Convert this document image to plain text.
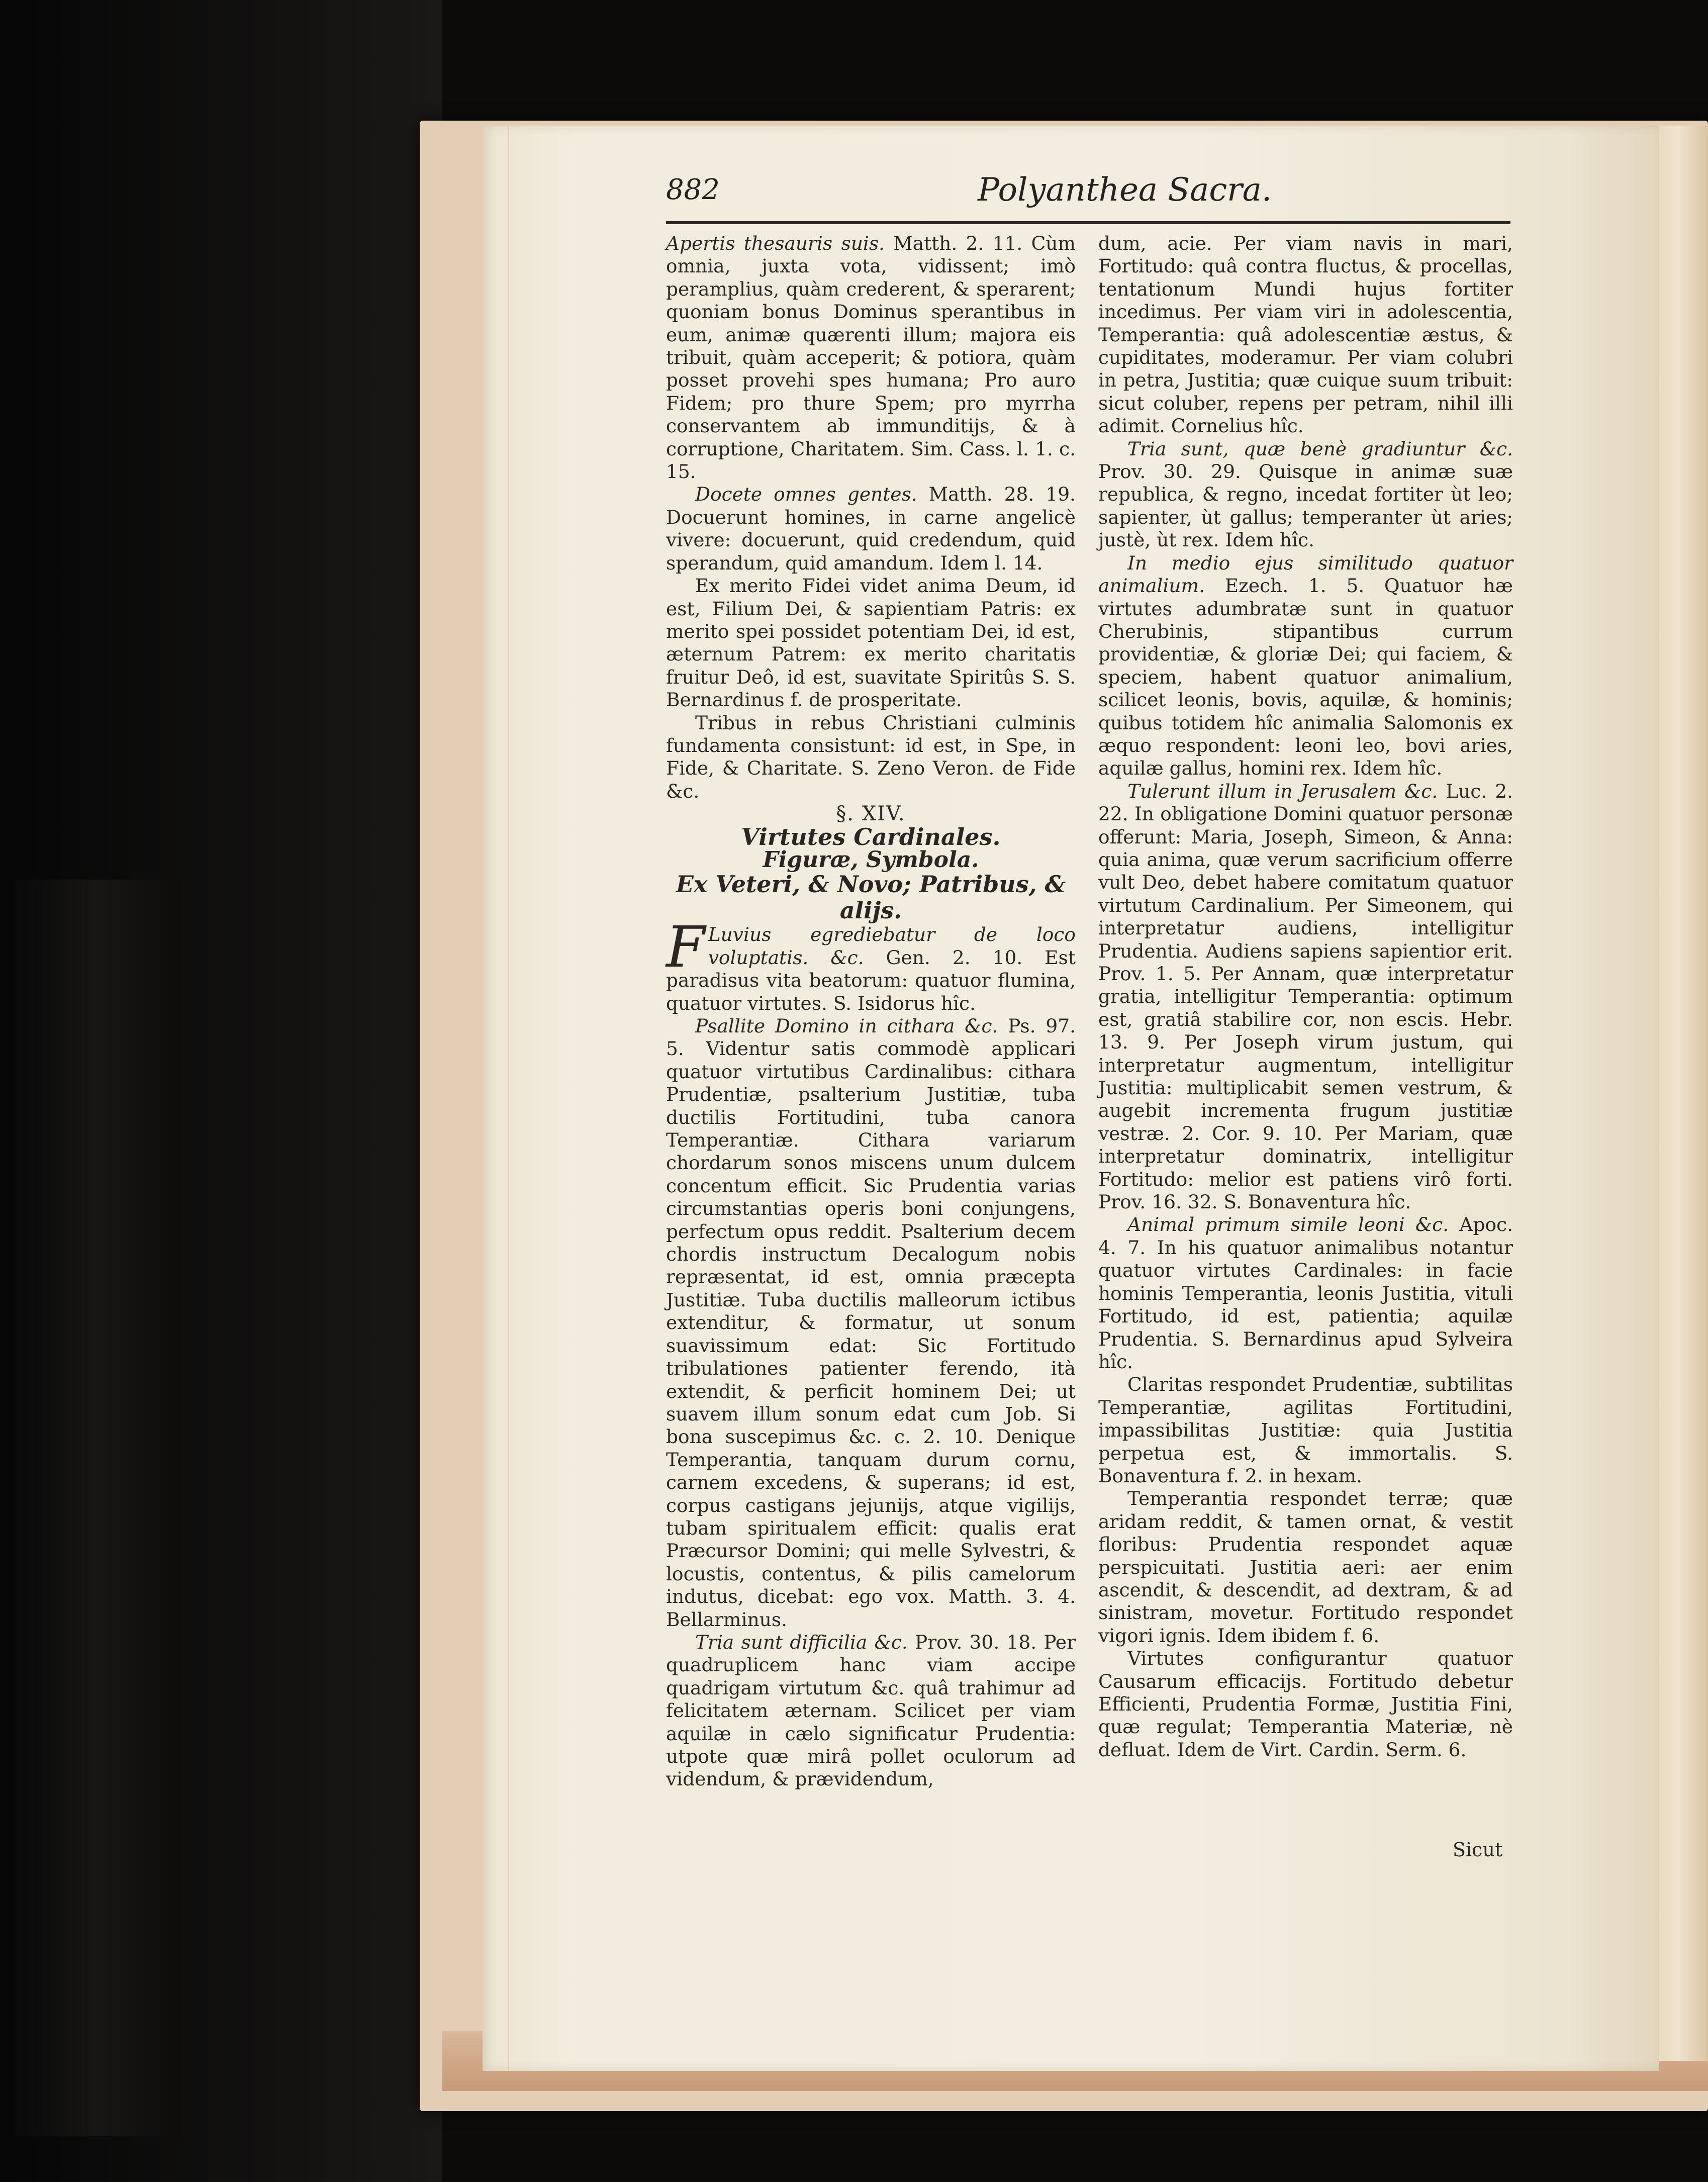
882	Polyanthea Sacra.

Apertis thesauris suis. Matth. 2. 11. Cùm omnia, juxta vota, vidissent; imò peramplius, quàm crederent, & sperarent; quoniam bonus Dominus sperantibus in eum, animæ quærenti illum; majora eis tribuit, quàm acceperit; & potiora, quàm posset provehi spes humana; Pro auro Fidem; pro thure Spem; pro myrrha conservantem ab immunditijs, & à corruptione, Charitatem. Sim. Cass. l. 1. c. 15.

Docete omnes gentes. Matth. 28. 19. Docuerunt homines, in carne angelicè vivere: docuerunt, quid credendum, quid sperandum, quid amandum. Idem l. 14.

Ex merito Fidei videt anima Deum, id est, Filium Dei, & sapientiam Patris: ex merito spei possidet potentiam Dei, id est, æternum Patrem: ex merito charitatis fruitur Deô, id est, suavitate Spiritûs S. S. Bernardinus f. de prosperitate.

Tribus in rebus Christiani culminis fundamenta consistunt: id est, in Spe, in Fide, & Charitate. S. Zeno Veron. de Fide &c.

§. XIV.

Virtutes Cardinales.

Figuræ, Symbola.

Ex Veteri, & Novo; Patribus, & alijs.

F Luvius egrediebatur de loco voluptatis. &c. Gen. 2. 10. Est paradisus vita beatorum: quatuor flumina, quatuor virtutes. S. Isidorus hîc.

Psallite Domino in cithara &c. Ps. 97. 5. Videntur satis commodè applicari quatuor virtutibus Cardinalibus: cithara Prudentiæ, psalterium Justitiæ, tuba ductilis Fortitudini, tuba canora Temperantiæ. Cithara variarum chordarum sonos miscens unum dulcem concentum efficit. Sic Prudentia varias circumstantias operis boni conjungens, perfectum opus reddit. Psalterium decem chordis instructum Decalogum nobis repræsentat, id est, omnia præcepta Justitiæ. Tuba ductilis malleorum ictibus extenditur, & formatur, ut sonum suavissimum edat: Sic Fortitudo tribulationes patienter ferendo, ità extendit, & perficit hominem Dei; ut suavem illum sonum edat cum Job. Si bona suscepimus &c. c. 2. 10. Denique Temperantia, tanquam durum cornu, carnem excedens, & superans; id est, corpus castigans jejunijs, atque vigilijs, tubam spiritualem efficit: qualis erat Præcursor Domini; qui melle Sylvestri, & locustis, contentus, & pilis camelorum indutus, dicebat: ego vox. Matth. 3. 4. Bellarminus.

Tria sunt difficilia &c. Prov. 30. 18. Per quadruplicem hanc viam accipe quadrigam virtutum &c. quâ trahimur ad felicitatem æternam. Scilicet per viam aquilæ in cælo significatur Prudentia: utpote quæ mirâ pollet oculorum ad videndum, & prævidendum,

dum, acie. Per viam navis in mari, Fortitudo: quâ contra fluctus, & procellas, tentationum Mundi hujus fortiter incedimus. Per viam viri in adolescentia, Temperantia: quâ adolescentiæ æstus, & cupiditates, moderamur. Per viam colubri in petra, Justitia; quæ cuique suum tribuit: sicut coluber, repens per petram, nihil illi adimit. Cornelius hîc.

Tria sunt, quæ benè gradiuntur &c. Prov. 30. 29. Quisque in animæ suæ republica, & regno, incedat fortiter ùt leo; sapienter, ùt gallus; temperanter ùt aries; justè, ùt rex. Idem hîc.

In medio ejus similitudo quatuor animalium. Ezech. 1. 5. Quatuor hæ virtutes adumbratæ sunt in quatuor Cherubinis, stipantibus currum providentiæ, & gloriæ Dei; qui faciem, & speciem, habent quatuor animalium, scilicet leonis, bovis, aquilæ, & hominis; quibus totidem hîc animalia Salomonis ex æquo respondent: leoni leo, bovi aries, aquilæ gallus, homini rex. Idem hîc.

Tulerunt illum in Jerusalem &c. Luc. 2. 22. In obligatione Domini quatuor personæ offerunt: Maria, Joseph, Simeon, & Anna: quia anima, quæ verum sacrificium offerre vult Deo, debet habere comitatum quatuor virtutum Cardinalium. Per Simeonem, qui interpretatur audiens, intelligitur Prudentia. Audiens sapiens sapientior erit. Prov. 1. 5. Per Annam, quæ interpretatur gratia, intelligitur Temperantia: optimum est, gratiâ stabilire cor, non escis. Hebr. 13. 9. Per Joseph virum justum, qui interpretatur augmentum, intelligitur Justitia: multiplicabit semen vestrum, & augebit incrementa frugum justitiæ vestræ. 2. Cor. 9. 10. Per Mariam, quæ interpretatur dominatrix, intelligitur Fortitudo: melior est patiens virô forti. Prov. 16. 32. S. Bonaventura hîc.

Animal primum simile leoni &c. Apoc. 4. 7. In his quatuor animalibus notantur quatuor virtutes Cardinales: in facie hominis Temperantia, leonis Justitia, vituli Fortitudo, id est, patientia; aquilæ Prudentia. S. Bernardinus apud Sylveira hîc.

Claritas respondet Prudentiæ, subtilitas Temperantiæ, agilitas Fortitudini, impassibilitas Justitiæ: quia Justitia perpetua est, & immortalis. S. Bonaventura f. 2. in hexam.

Temperantia respondet terræ; quæ aridam reddit, & tamen ornat, & vestit floribus: Prudentia respondet aquæ perspicuitati. Justitia aeri: aer enim ascendit, & descendit, ad dextram, & ad sinistram, movetur. Fortitudo respondet vigori ignis. Idem ibidem f. 6.

Virtutes configurantur quatuor Causarum efficacijs. Fortitudo debetur Efficienti, Prudentia Formæ, Justitia Fini, quæ regulat; Temperantia Materiæ, nè defluat. Idem de Virt. Cardin. Serm. 6.

Sicut
